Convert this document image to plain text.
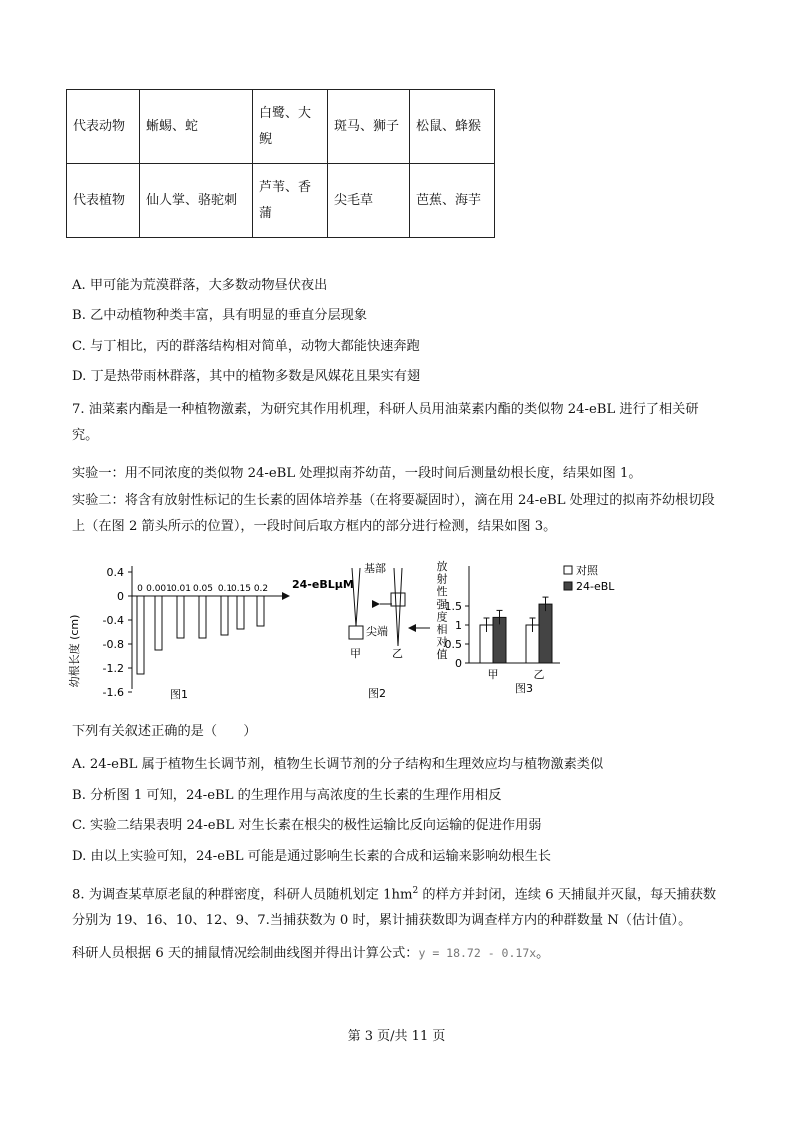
代表动物	蜥蜴、蛇	白鹭、大鲵	斑马、狮子	松鼠、蜂猴
代表植物	仙人掌、骆驼刺	芦苇、香蒲	尖毛草	芭蕉、海芋
A. 甲可能为荒漠群落，大多数动物昼伏夜出
B. 乙中动植物种类丰富，具有明显的垂直分层现象
C. 与丁相比，丙的群落结构相对简单，动物大都能快速奔跑
D. 丁是热带雨林群落，其中的植物多数是风媒花且果实有翅
7. 油菜素内酯是一种植物激素，为研究其作用机理，科研人员用油菜素内酯的类似物 24-eBL 进行了相关研究。
实验一：用不同浓度的类似物 24-eBL 处理拟南芥幼苗，一段时间后测量幼根长度，结果如图 1。
实验二：将含有放射性标记的生长素的固体培养基（在将要凝固时），滴在用 24-eBL 处理过的拟南芥幼根切段上（在图 2 箭头所示的位置），一段时间后取方框内的部分进行检测，结果如图 3。
幼根长度 (cm)
24-eBLμM
图1
0.4
0
-0.4
-0.8
-1.2
-1.6
0 0.001 0.01 0.05 0.1
0.15 0.2
基部
尖端
甲	乙
图2
放
射
性
强
度
相
对
值
0
0.5
1
1.5
甲	乙
对照
24-eBL
图3
下列有关叙述正确的是（　　）
A. 24-eBL 属于植物生长调节剂，植物生长调节剂的分子结构和生理效应均与植物激素类似
B. 分析图 1 可知，24-eBL 的生理作用与高浓度的生长素的生理作用相反
C. 实验二结果表明 24-eBL 对生长素在根尖的极性运输比反向运输的促进作用弱
D. 由以上实验可知，24-eBL 可能是通过影响生长素的合成和运输来影响幼根生长
8. 为调查某草原老鼠的种群密度，科研人员随机划定 $1hm^2$ 的样方并封闭，连续 6 天捕鼠并灭鼠，每天捕获数分别为 19、16、10、12、9、7.当捕获数为 0 时，累计捕获数即为调查样方内的种群数量 N（估计值）。
科研人员根据 6 天的捕鼠情况绘制曲线图并得出计算公式：y = 18.72 - 0.17x。
第 3 页/共 11 页
